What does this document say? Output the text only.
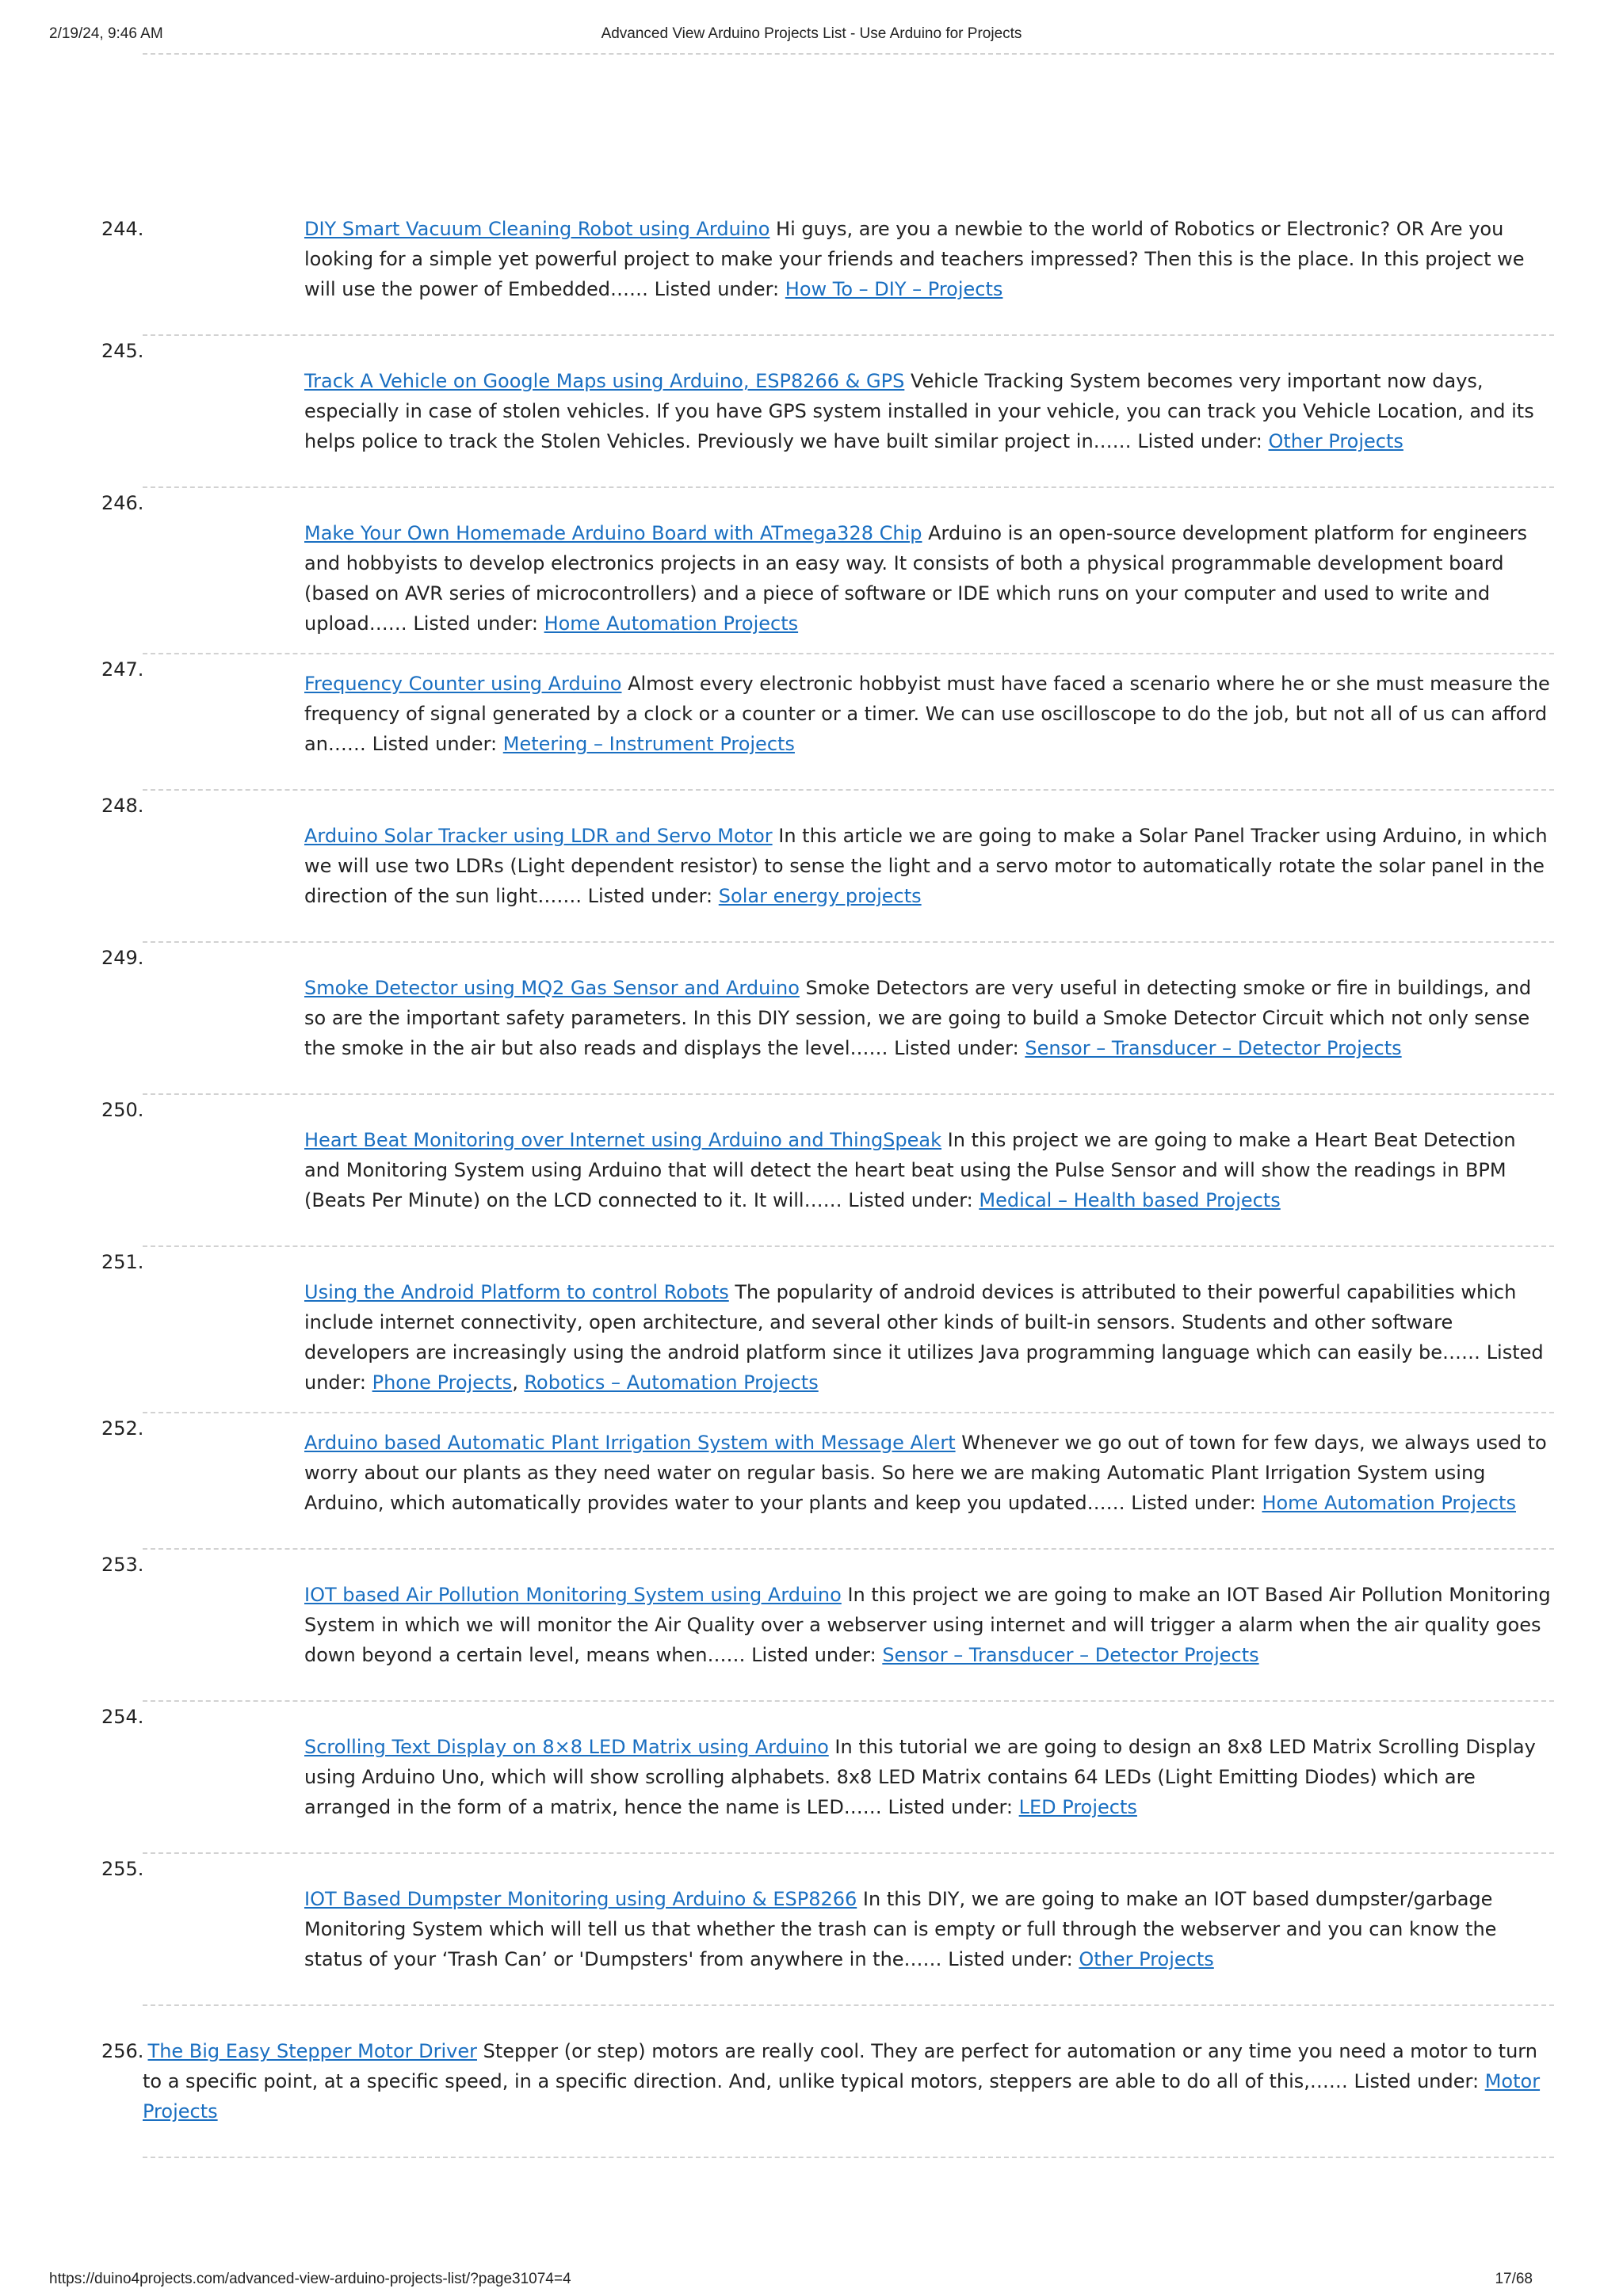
2/19/24, 9:46 AM	Advanced View Arduino Projects List - Use Arduino for Projects
244.	DIY Smart Vacuum Cleaning Robot using Arduino Hi guys, are you a newbie to the world of Robotics or Electronic? OR Are you looking for a simple yet powerful project to make your friends and teachers impressed? Then this is the place. In this project we will use the power of Embedded…… Listed under: How To – DIY – Projects
245.
Track A Vehicle on Google Maps using Arduino, ESP8266 & GPS Vehicle Tracking System becomes very important now days, especially in case of stolen vehicles. If you have GPS system installed in your vehicle, you can track you Vehicle Location, and its helps police to track the Stolen Vehicles. Previously we have built similar project in…… Listed under: Other Projects
246.
Make Your Own Homemade Arduino Board with ATmega328 Chip Arduino is an open-source development platform for engineers and hobbyists to develop electronics projects in an easy way. It consists of both a physical programmable development board (based on AVR series of microcontrollers) and a piece of software or IDE which runs on your computer and used to write and upload…… Listed under: Home Automation Projects
247.
Frequency Counter using Arduino Almost every electronic hobbyist must have faced a scenario where he or she must measure the frequency of signal generated by a clock or a counter or a timer. We can use oscilloscope to do the job, but not all of us can afford an…… Listed under: Metering – Instrument Projects
248.
Arduino Solar Tracker using LDR and Servo Motor In this article we are going to make a Solar Panel Tracker using Arduino, in which we will use two LDRs (Light dependent resistor) to sense the light and a servo motor to automatically rotate the solar panel in the direction of the sun light……. Listed under: Solar energy projects
249.
Smoke Detector using MQ2 Gas Sensor and Arduino Smoke Detectors are very useful in detecting smoke or fire in buildings, and so are the important safety parameters. In this DIY session, we are going to build a Smoke Detector Circuit which not only sense the smoke in the air but also reads and displays the level…… Listed under: Sensor – Transducer – Detector Projects
250.
Heart Beat Monitoring over Internet using Arduino and ThingSpeak In this project we are going to make a Heart Beat Detection and Monitoring System using Arduino that will detect the heart beat using the Pulse Sensor and will show the readings in BPM (Beats Per Minute) on the LCD connected to it. It will…… Listed under: Medical – Health based Projects
251.
Using the Android Platform to control Robots The popularity of android devices is attributed to their powerful capabilities which include internet connectivity, open architecture, and several other kinds of built-in sensors. Students and other software developers are increasingly using the android platform since it utilizes Java programming language which can easily be…… Listed under: Phone Projects, Robotics – Automation Projects
252.
Arduino based Automatic Plant Irrigation System with Message Alert Whenever we go out of town for few days, we always used to worry about our plants as they need water on regular basis. So here we are making Automatic Plant Irrigation System using Arduino, which automatically provides water to your plants and keep you updated…… Listed under: Home Automation Projects
253.
IOT based Air Pollution Monitoring System using Arduino In this project we are going to make an IOT Based Air Pollution Monitoring System in which we will monitor the Air Quality over a webserver using internet and will trigger a alarm when the air quality goes down beyond a certain level, means when…… Listed under: Sensor – Transducer – Detector Projects
254.
Scrolling Text Display on 8×8 LED Matrix using Arduino In this tutorial we are going to design an 8x8 LED Matrix Scrolling Display using Arduino Uno, which will show scrolling alphabets. 8x8 LED Matrix contains 64 LEDs (Light Emitting Diodes) which are arranged in the form of a matrix, hence the name is LED…… Listed under: LED Projects
255.
IOT Based Dumpster Monitoring using Arduino & ESP8266 In this DIY, we are going to make an IOT based dumpster/garbage Monitoring System which will tell us that whether the trash can is empty or full through the webserver and you can know the status of your ‘Trash Can’ or 'Dumpsters' from anywhere in the…… Listed under: Other Projects
256. The Big Easy Stepper Motor Driver Stepper (or step) motors are really cool. They are perfect for automation or any time you need a motor to turn to a specific point, at a specific speed, in a specific direction. And, unlike typical motors, steppers are able to do all of this,…… Listed under: Motor Projects
https://duino4projects.com/advanced-view-arduino-projects-list/?page31074=4	17/68
